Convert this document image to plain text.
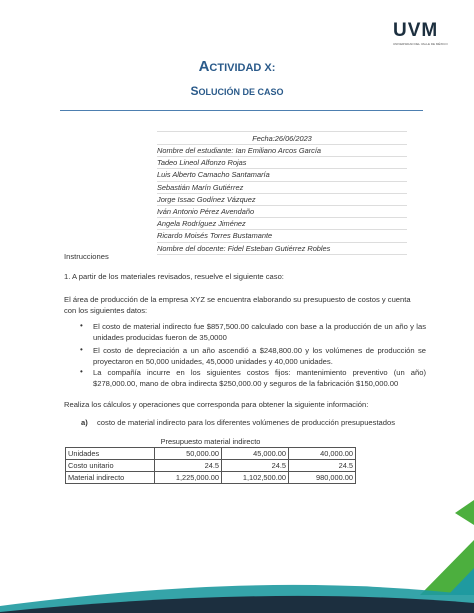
UVM
UNIVERSIDAD DEL VALLE DE MÉXICO
ACTIVIDAD X:
SOLUCIÓN DE CASO
Fecha:26/06/2023
Nombre del estudiante: Ian Emiliano Arcos García
Tadeo Lineol Alfonzo Rojas
Luis Alberto Camacho Santamaría
Sebastián Marín Gutiérrez
Jorge Issac Godínez Vázquez
Iván Antonio Pérez Avendaño
Angela Rodríguez Jiménez
Ricardo Moisés Torres Bustamante
Nombre del docente: Fidel Esteban Gutiérrez Robles
Instrucciones
1. A partir de los materiales revisados, resuelve el siguiente caso:
El área de producción de la empresa XYZ se encuentra elaborando su presupuesto de costos y cuenta con los siguientes datos:
• El costo de material indirecto fue $857,500.00 calculado con base a la producción de un año y las unidades producidas fueron de 35,0000
• El costo de depreciación a un año ascendió a $248,800.00 y los volúmenes de producción se proyectaron en 50,000 unidades, 45,0000 unidades y 40,000 unidades.
• La compañía incurre en los siguientes costos fijos: mantenimiento preventivo (un año) $278,000.00, mano de obra indirecta $250,000.00 y seguros de la fabricación $150,000.00
Realiza los cálculos y operaciones que corresponda para obtener la siguiente información:
a) costo de material indirecto para los diferentes volúmenes de producción presupuestados
Presupuesto material indirecto			
Unidades	50,000.00	45,000.00	40,000.00
Costo unitario	24.5	24.5	24.5
Material indirecto	1,225,000.00	1,102,500.00	980,000.00
